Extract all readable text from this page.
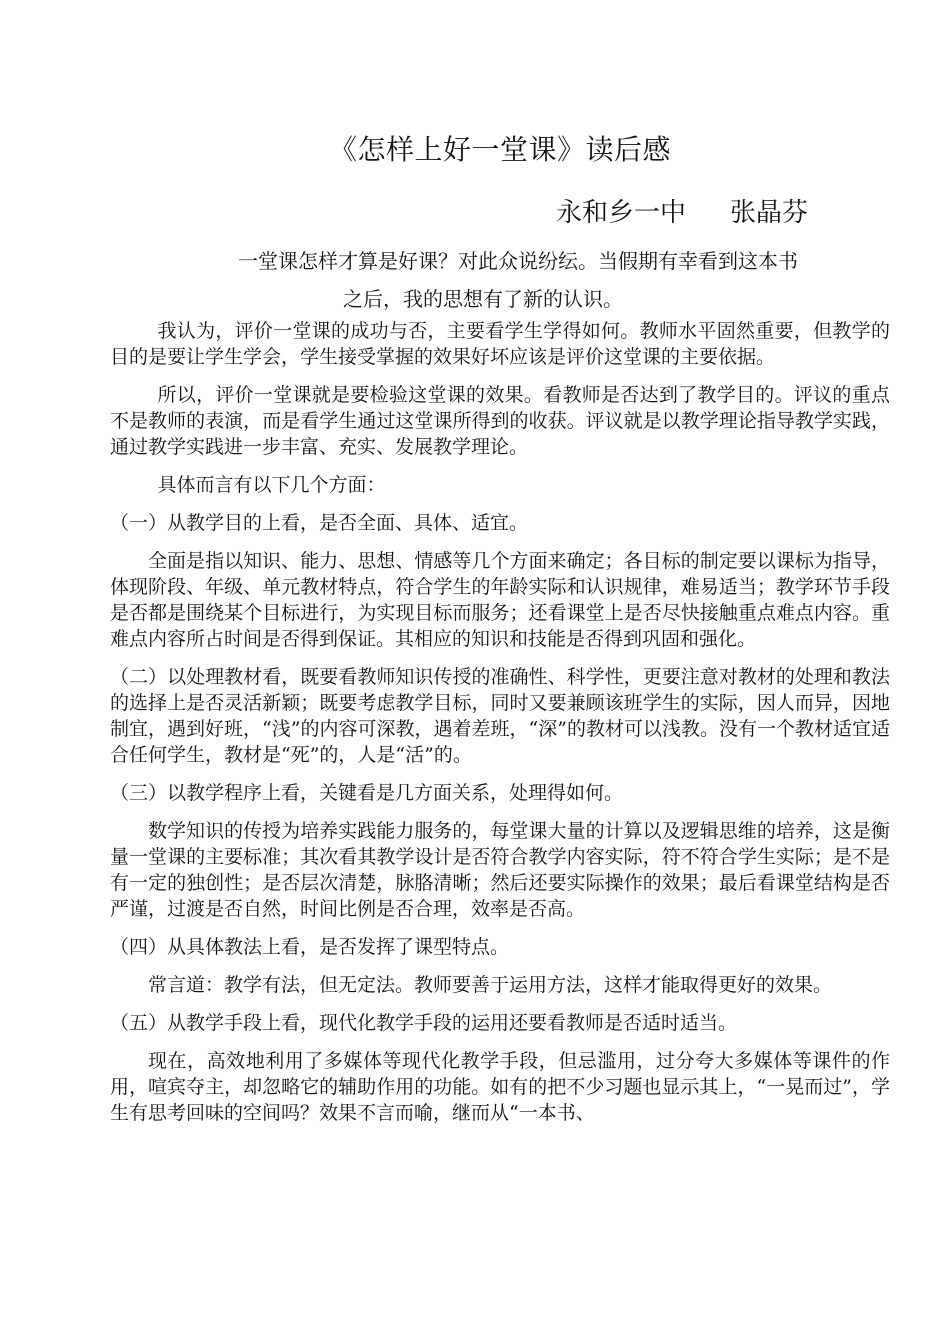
《怎样上好一堂课》读后感
永和乡一中 张晶芬
一堂课怎样才算是好课？对此众说纷纭。当假期有幸看到这本书
之后，我的思想有了新的认识。

我认为，评价一堂课的成功与否，主要看学生学得如何。教师水平固然重要，但教学的目的是要让学生学会，学生接受掌握的效果好坏应该是评价这堂课的主要依据。

所以，评价一堂课就是要检验这堂课的效果。看教师是否达到了教学目的。评议的重点不是教师的表演，而是看学生通过这堂课所得到的收获。评议就是以教学理论指导教学实践，通过教学实践进一步丰富、充实、发展教学理论。

具体而言有以下几个方面：

（一）从教学目的上看，是否全面、具体、适宜。

全面是指以知识、能力、思想、情感等几个方面来确定；各目标的制定要以课标为指导，体现阶段、年级、单元教材特点，符合学生的年龄实际和认识规律，难易适当；教学环节手段是否都是围绕某个目标进行，为实现目标而服务；还看课堂上是否尽快接触重点难点内容。重难点内容所占时间是否得到保证。其相应的知识和技能是否得到巩固和强化。

（二）以处理教材看，既要看教师知识传授的准确性、科学性，更要注意对教材的处理和教法的选择上是否灵活新颖；既要考虑教学目标，同时又要兼顾该班学生的实际，因人而异，因地制宜，遇到好班，“浅”的内容可深教，遇着差班，“深”的教材可以浅教。没有一个教材适宜适合任何学生，教材是“死”的，人是“活”的。

（三）以教学程序上看，关键看是几方面关系，处理得如何。

数学知识的传授为培养实践能力服务的，每堂课大量的计算以及逻辑思维的培养，这是衡量一堂课的主要标准；其次看其教学设计是否符合教学内容实际，符不符合学生实际；是不是有一定的独创性；是否层次清楚，脉胳清晰；然后还要实际操作的效果；最后看课堂结构是否严谨，过渡是否自然，时间比例是否合理，效率是否高。

（四）从具体教法上看，是否发挥了课型特点。

常言道：教学有法，但无定法。教师要善于运用方法，这样才能取得更好的效果。

（五）从教学手段上看，现代化教学手段的运用还要看教师是否适时适当。

现在，高效地利用了多媒体等现代化教学手段，但忌滥用，过分夸大多媒体等课件的作用，喧宾夺主，却忽略它的辅助作用的功能。如有的把不少习题也显示其上，“一晃而过”，学生有思考回味的空间吗？效果不言而喻，继而从“一本书、
